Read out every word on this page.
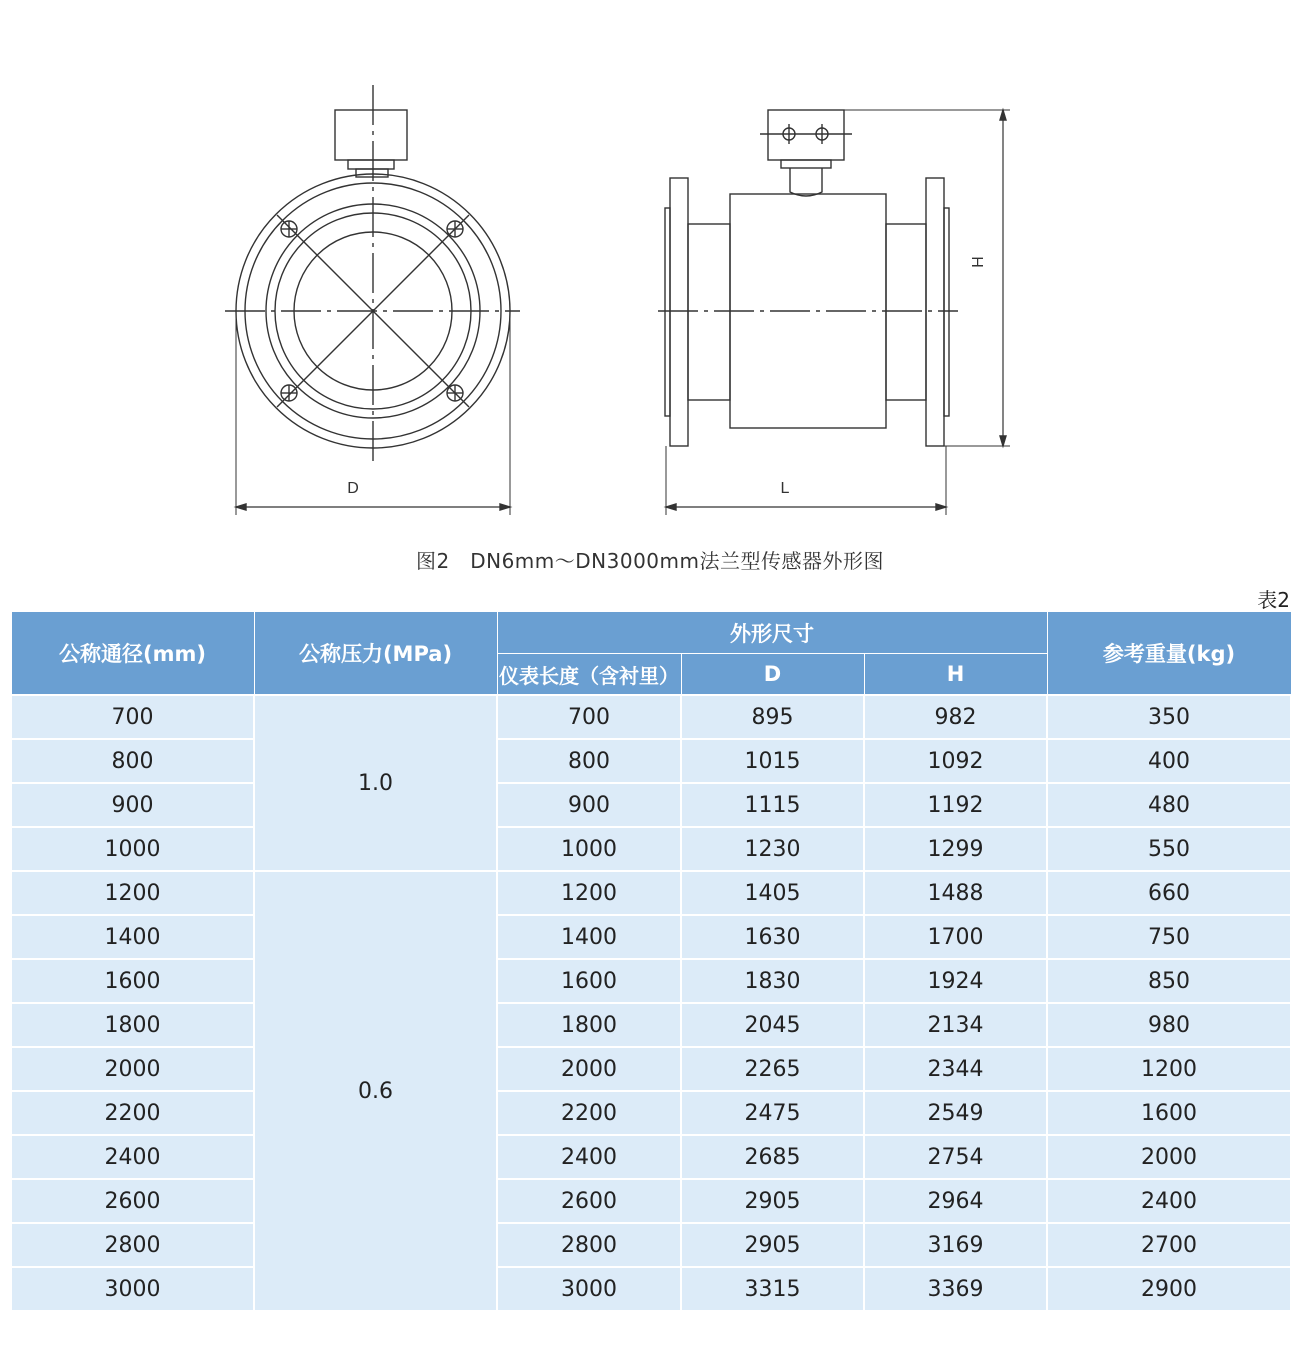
D	L
H
图2　DN6mm～DN3000mm法兰型传感器外形图
表2
公称通径(mm)	公称压力(MPa)	外形尺寸			参考重量(kg)
		仪表长度（含衬里）	D	H	
700	1.0	700	895	982	350
800		800	1015	1092	400
900		900	1115	1192	480
1000		1000	1230	1299	550
1200	0.6	1200	1405	1488	660
1400		1400	1630	1700	750
1600		1600	1830	1924	850
1800		1800	2045	2134	980
2000		2000	2265	2344	1200
2200		2200	2475	2549	1600
2400		2400	2685	2754	2000
2600		2600	2905	2964	2400
2800		2800	2905	3169	2700
3000		3000	3315	3369	2900
